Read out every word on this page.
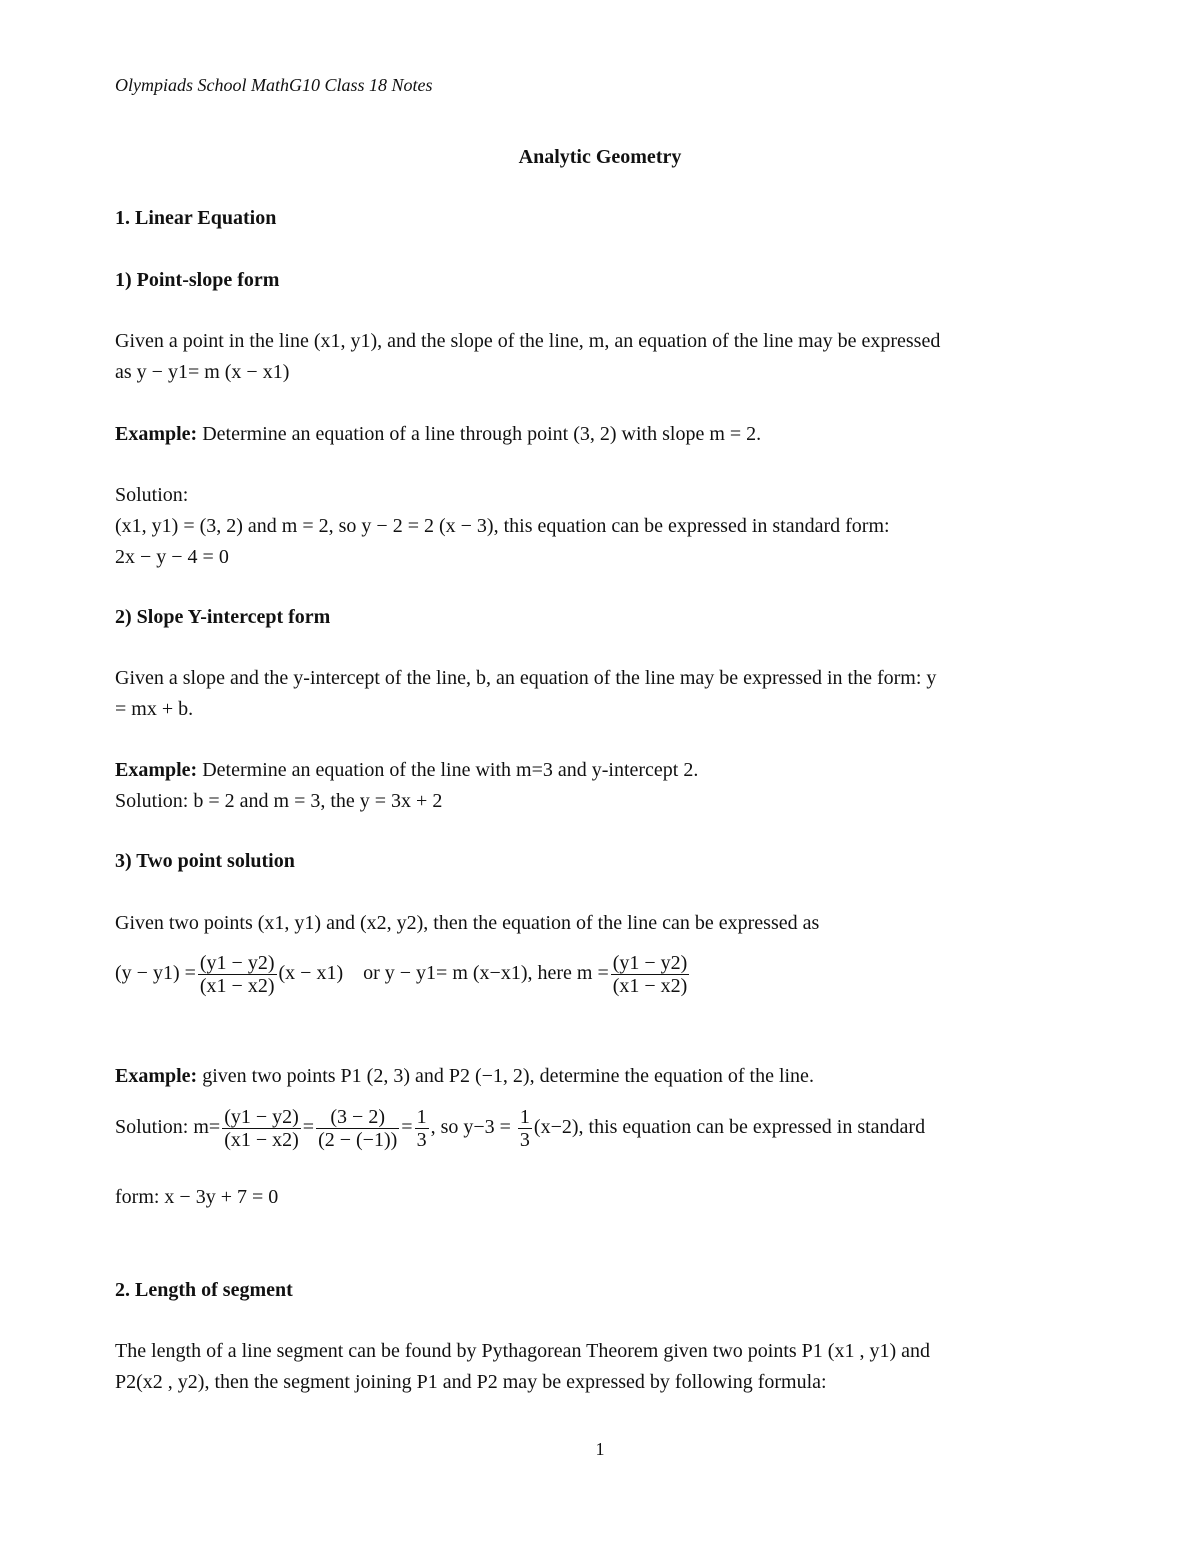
Olympiads School MathG10 Class 18 Notes
Analytic Geometry
1. Linear Equation
1) Point-slope form
Given a point in the line (x1, y1), and the slope of the line, m, an equation of the line may be expressed
as y − y1= m (x − x1)
Example: Determine an equation of a line through point (3, 2) with slope m = 2.
Solution:
(x1, y1) = (3, 2) and m = 2, so y − 2 = 2 (x − 3), this equation can be expressed in standard form:
2x − y − 4 = 0
2) Slope Y-intercept form
Given a slope and the y-intercept of the line, b, an equation of the line may be expressed in the form: y
= mx + b.
Example: Determine an equation of the line with m=3 and y-intercept 2.
Solution: b = 2 and m = 3, the y = 3x + 2
3) Two point solution
Given two points (x1, y1) and (x2, y2), then the equation of the line can be expressed as
$(y - y1) = \frac{(y1 - y2)}{(x1 - x2)} (x - x1)$    or y − y1= m (x−x1), here $m = \frac{(y1 - y2)}{(x1 - x2)}$
Example: given two points P1 (2, 3) and P2 (−1, 2), determine the equation of the line.
Solution: $m= \frac{(y1 - y2)}{(x1 - x2)} = \frac{(3 - 2)}{(2 - (-1))} = \frac{1}{3}$ , so $y-3 = \frac{1}{3} (x-2)$, this equation can be expressed in standard
form: x − 3y + 7 = 0
2. Length of segment
The length of a line segment can be found by Pythagorean Theorem given two points P1 (x1 , y1) and
P2(x2 , y2), then the segment joining P1 and P2 may be expressed by following formula:
1
